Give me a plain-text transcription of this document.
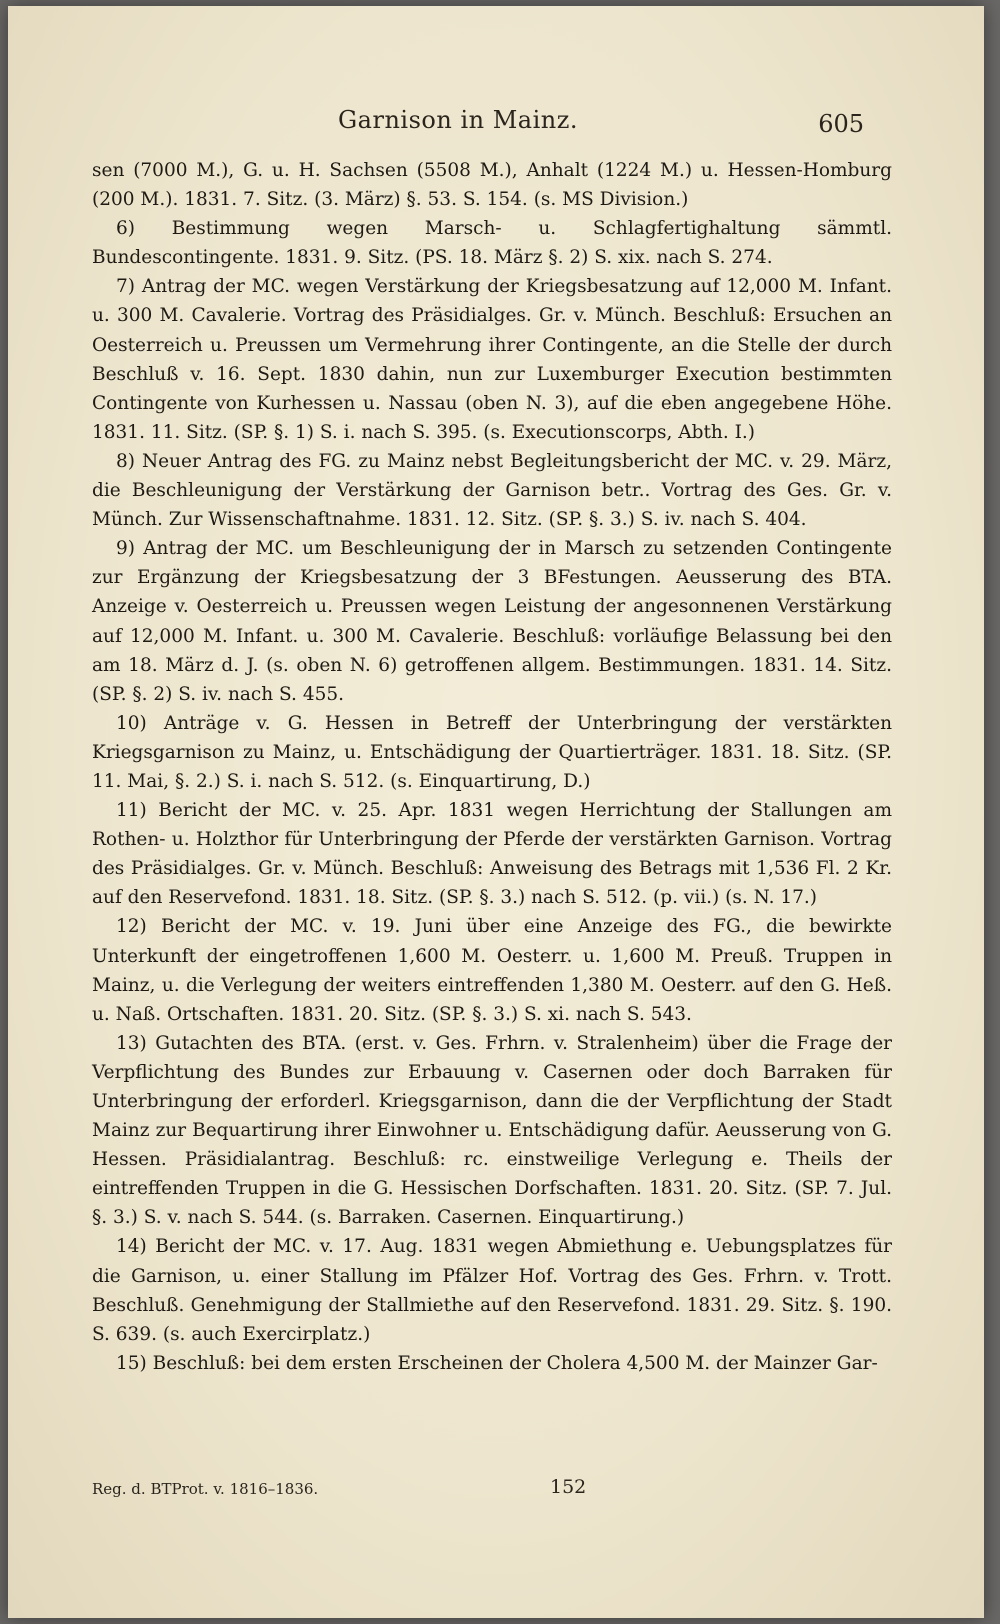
Garnison in Mainz.	605

sen (7000 M.), G. u. H. Sachsen (5508 M.), Anhalt (1224 M.) u. Hessen-Homburg (200 M.). 1831. 7. Sitz. (3. März) §. 53. S. 154. (s. MS Division.)

6) Bestimmung wegen Marsch- u. Schlagfertighaltung sämmtl. Bundescontingente. 1831. 9. Sitz. (PS. 18. März §. 2) S. xix. nach S. 274.

7) Antrag der MC. wegen Verstärkung der Kriegsbesatzung auf 12,000 M. Infant. u. 300 M. Cavalerie. Vortrag des Präsidialges. Gr. v. Münch. Beschluß: Ersuchen an Oesterreich u. Preussen um Vermehrung ihrer Contingente, an die Stelle der durch Beschluß v. 16. Sept. 1830 dahin, nun zur Luxemburger Execution bestimmten Contingente von Kurhessen u. Nassau (oben N. 3), auf die eben angegebene Höhe. 1831. 11. Sitz. (SP. §. 1) S. i. nach S. 395. (s. Executionscorps, Abth. I.)

8) Neuer Antrag des FG. zu Mainz nebst Begleitungsbericht der MC. v. 29. März, die Beschleunigung der Verstärkung der Garnison betr.. Vortrag des Ges. Gr. v. Münch. Zur Wissenschaftnahme. 1831. 12. Sitz. (SP. §. 3.) S. iv. nach S. 404.

9) Antrag der MC. um Beschleunigung der in Marsch zu setzenden Contingente zur Ergänzung der Kriegsbesatzung der 3 BFestungen. Aeusserung des BTA. Anzeige v. Oesterreich u. Preussen wegen Leistung der angesonnenen Verstärkung auf 12,000 M. Infant. u. 300 M. Cavalerie. Beschluß: vorläufige Belassung bei den am 18. März d. J. (s. oben N. 6) getroffenen allgem. Bestimmungen. 1831. 14. Sitz. (SP. §. 2) S. iv. nach S. 455.

10) Anträge v. G. Hessen in Betreff der Unterbringung der verstärkten Kriegsgarnison zu Mainz, u. Entschädigung der Quartierträger. 1831. 18. Sitz. (SP. 11. Mai, §. 2.) S. i. nach S. 512. (s. Einquartirung, D.)

11) Bericht der MC. v. 25. Apr. 1831 wegen Herrichtung der Stallungen am Rothen- u. Holzthor für Unterbringung der Pferde der verstärkten Garnison. Vortrag des Präsidialges. Gr. v. Münch. Beschluß: Anweisung des Betrags mit 1,536 Fl. 2 Kr. auf den Reservefond. 1831. 18. Sitz. (SP. §. 3.) nach S. 512. (p. vii.) (s. N. 17.)

12) Bericht der MC. v. 19. Juni über eine Anzeige des FG., die bewirkte Unterkunft der eingetroffenen 1,600 M. Oesterr. u. 1,600 M. Preuß. Truppen in Mainz, u. die Verlegung der weiters eintreffenden 1,380 M. Oesterr. auf den G. Heß. u. Naß. Ortschaften. 1831. 20. Sitz. (SP. §. 3.) S. xi. nach S. 543.

13) Gutachten des BTA. (erst. v. Ges. Frhrn. v. Stralenheim) über die Frage der Verpflichtung des Bundes zur Erbauung v. Casernen oder doch Barraken für Unterbringung der erforderl. Kriegsgarnison, dann die der Verpflichtung der Stadt Mainz zur Bequartirung ihrer Einwohner u. Entschädigung dafür. Aeusserung von G. Hessen. Präsidialantrag. Beschluß: rc. einstweilige Verlegung e. Theils der eintreffenden Truppen in die G. Hessischen Dorfschaften. 1831. 20. Sitz. (SP. 7. Jul. §. 3.) S. v. nach S. 544. (s. Barraken. Casernen. Einquartirung.)

14) Bericht der MC. v. 17. Aug. 1831 wegen Abmiethung e. Uebungsplatzes für die Garnison, u. einer Stallung im Pfälzer Hof. Vortrag des Ges. Frhrn. v. Trott. Beschluß. Genehmigung der Stallmiethe auf den Reservefond. 1831. 29. Sitz. §. 190. S. 639. (s. auch Exercirplatz.)

15) Beschluß: bei dem ersten Erscheinen der Cholera 4,500 M. der Mainzer Gar-

Reg. d. BTProt. v. 1816–1836.	152
